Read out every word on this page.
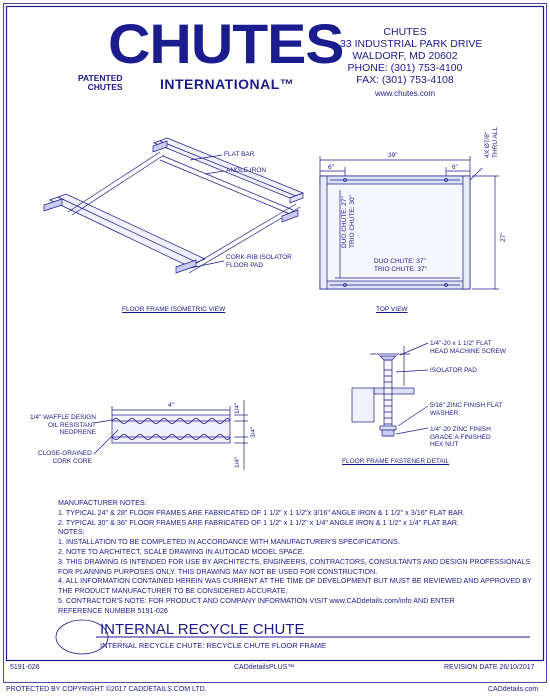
CHUTES
PATENTED
CHUTES	INTERNATIONAL™
CHUTES
33 INDUSTRIAL PARK DRIVE
WALDORF, MD 20602
PHONE: (301) 753-4100
FAX: (301) 753-4108
www.chutes.com
FLAT BAR
ANGLE IRON
CORK-RIB ISOLATOR
FLOOR PAD
FLOOR FRAME ISOMETRIC VIEW
39"
6"	6"
4X Ø7/8" THRU ALL
27"
DUO CHUTE: 27" TRIO CHUTE: 30"
DUO CHUTE: 37"
TRIO CHUTE: 37"
TOP VIEW
4"	1/4"
3/4"
1/4"
1/4" WAFFLE DESIGN
OIL RESISTANT
NEOPRENE
CLOSE-GRAINED
CORK CORE
1/4"-20 x 1 1/2" FLAT
HEAD MACHINE SCREW
ISOLATOR PAD
5/16" ZINC FINISH FLAT
WASHER
1/4"-20 ZINC FINISH
GRADE A FINISHED
HEX NUT
FLOOR FRAME FASTENER DETAIL
MANUFACTURER NOTES:
1. TYPICAL 24" & 28" FLOOR FRAMES ARE FABRICATED OF 1 1/2" x 1 1/2"x 3/16" ANGLE IRON & 1 1/2" x 3/16" FLAT BAR.
2. TYPICAL 30" & 36" FLOOR FRAMES ARE FABRICATED OF 1 1/2" x 1 1/2" x 1/4" ANGLE IRON & 1 1/2" x 1/4" FLAT BAR.
NOTES:
1. INSTALLATION TO BE COMPLETED IN ACCORDANCE WITH MANUFACTURER'S SPECIFICATIONS.
2. NOTE TO ARCHITECT, SCALE DRAWING IN AUTOCAD MODEL SPACE.
3. THIS DRAWING IS INTENDED FOR USE BY ARCHITECTS, ENGINEERS, CONTRACTORS, CONSULTANTS AND DESIGN PROFESSIONALS
FOR PLANNING PURPOSES ONLY. THIS DRAWING MAY NOT BE USED FOR CONSTRUCTION.
4. ALL INFORMATION CONTAINED HEREIN WAS CURRENT AT THE TIME OF DEVELOPMENT BUT MUST BE REVIEWED AND APPROVED BY
THE PRODUCT MANUFACTURER TO BE CONSIDERED ACCURATE.
5. CONTRACTOR'S NOTE: FOR PRODUCT AND COMPANY INFORMATION VISIT www.CADdetails.com/info AND ENTER
REFERENCE NUMBER 5191-026
INTERNAL RECYCLE CHUTE
INTERNAL RECYCLE CHUTE: RECYCLE CHUTE FLOOR FRAME
5191-026	CADdetailsPLUS™	REVISION DATE 26/10/2017
PROTECTED BY COPYRIGHT ©2017 CADDETAILS.COM LTD.	CADdetails.com
